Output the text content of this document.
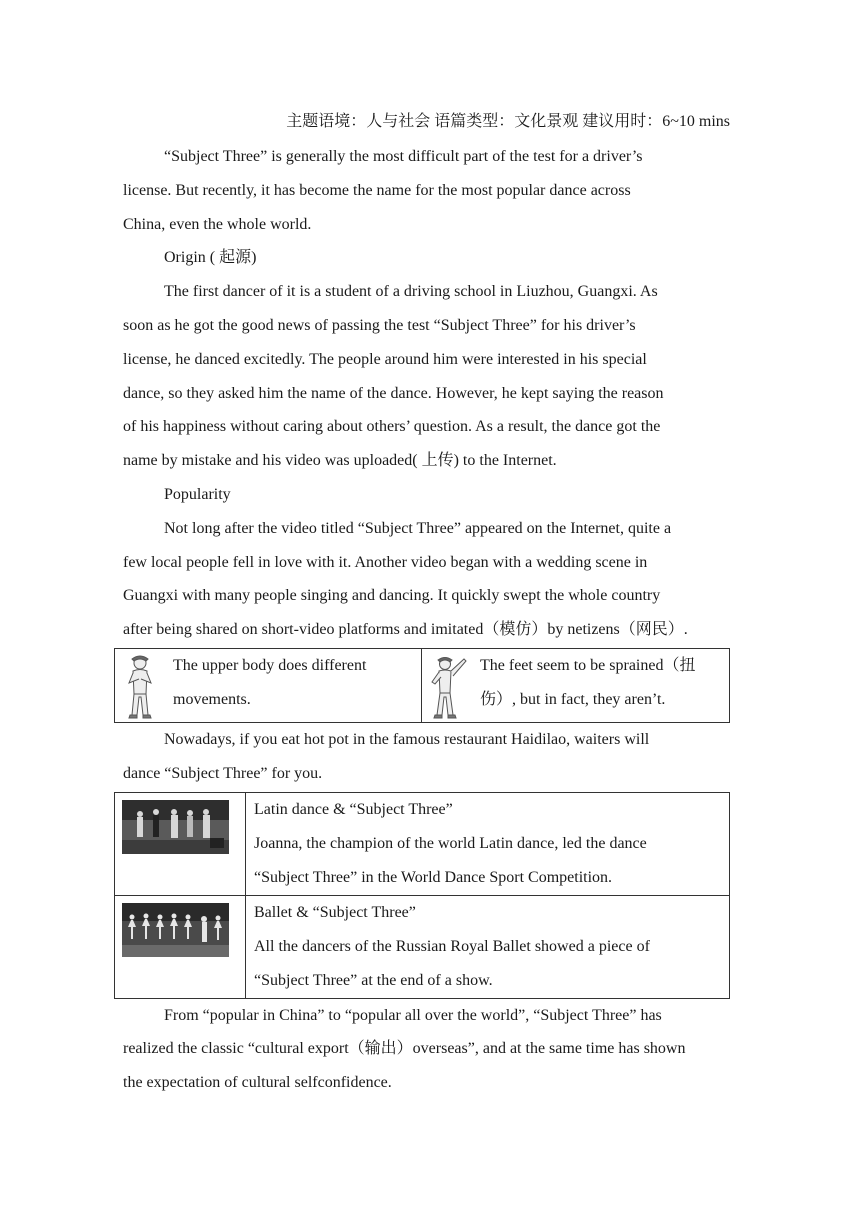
主题语境：人与社会 语篇类型：文化景观 建议用时：6~10 mins

“Subject Three” is generally the most difficult part of the test for a driver’s

license. But recently, it has become the name for the most popular dance across

China, even the whole world.

Origin ( 起源)

The first dancer of it is a student of a driving school in Liuzhou, Guangxi. As

soon as he got the good news of passing the test “Subject Three” for his driver’s

license, he danced excitedly. The people around him were interested in his special

dance, so they asked him the name of the dance. However, he kept saying the reason

of his happiness without caring about others’ question. As a result, the dance got the

name by mistake and his video was uploaded( 上传) to the Internet.

Popularity

Not long after the video titled “Subject Three” appeared on the Internet, quite a

few local people fell in love with it. Another video began with a wedding scene in

Guangxi with many people singing and dancing. It quickly swept the whole country

after being shared on short-video platforms and imitated（模仿）by netizens（网民）.

The upper body does different
movements.

The feet seem to be sprained（扭
伤）, but in fact, they aren’t.

Nowadays, if you eat hot pot in the famous restaurant Haidilao, waiters will

dance “Subject Three” for you.

Latin dance & “Subject Three”
Joanna, the champion of the world Latin dance, led the dance
“Subject Three” in the World Dance Sport Competition.

Ballet & “Subject Three”
All the dancers of the Russian Royal Ballet showed a piece of
“Subject Three” at the end of a show.

From “popular in China” to “popular all over the world”, “Subject Three” has

realized the classic “cultural export（输出）overseas”, and at the same time has shown

the expectation of cultural selfconfidence.
